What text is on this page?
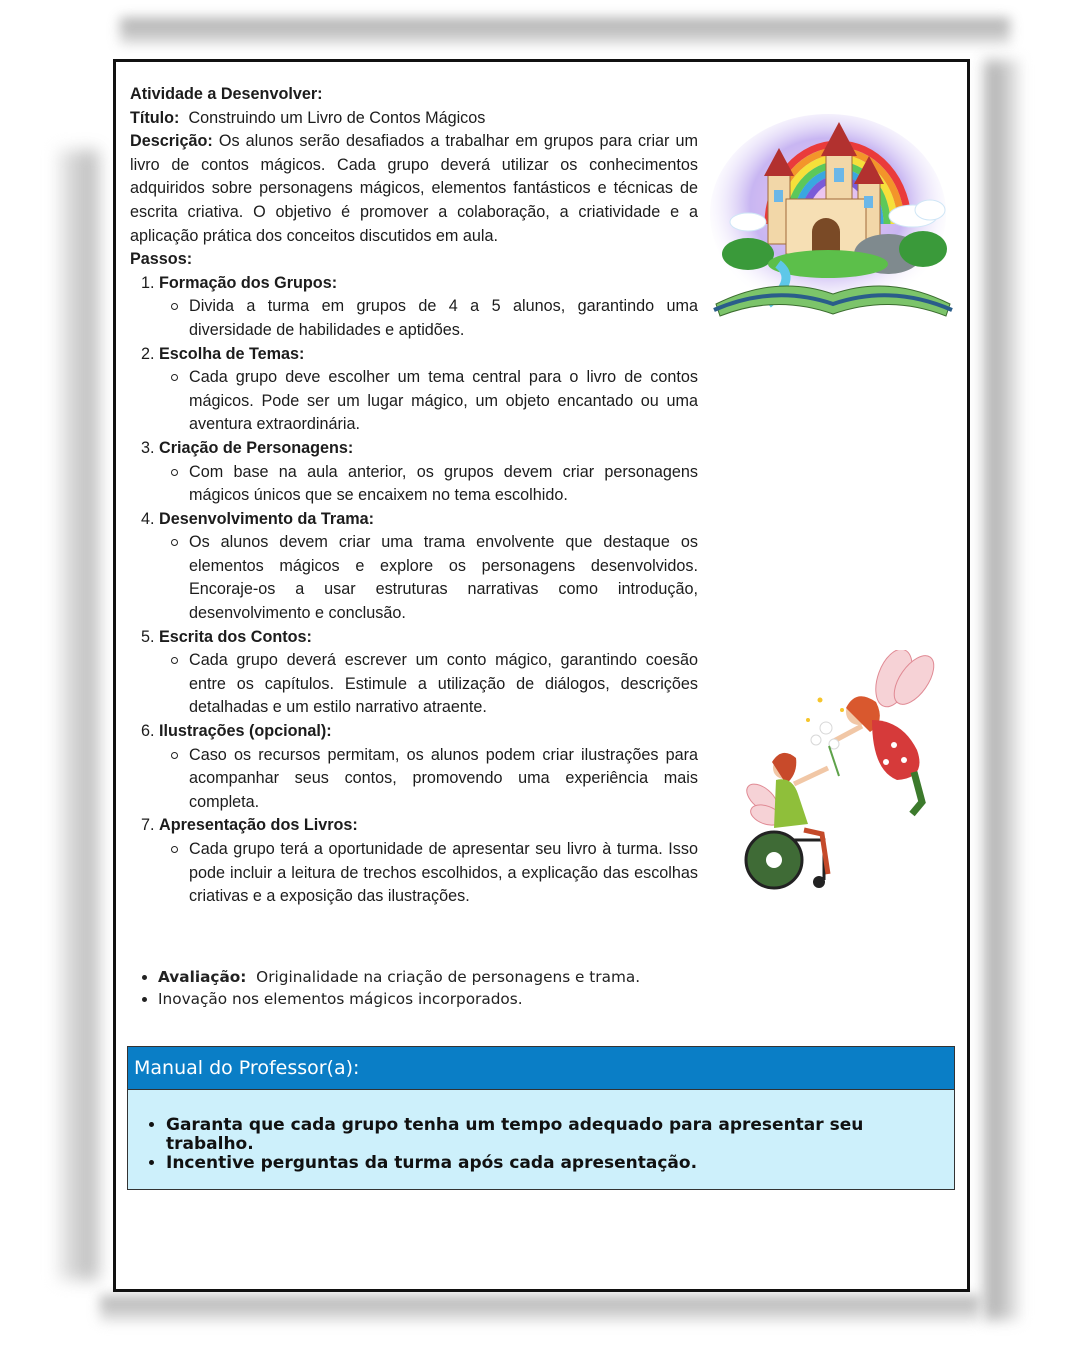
Atividade a Desenvolver:

Título: Construindo um Livro de Contos Mágicos

Descrição: Os alunos serão desafiados a trabalhar em grupos para criar um livro de contos mágicos. Cada grupo deverá utilizar os conhecimentos adquiridos sobre personagens mágicos, elementos fantásticos e técnicas de escrita criativa. O objetivo é promover a colaboração, a criatividade e a aplicação prática dos conceitos discutidos em aula.

Passos:

1. Formação dos Grupos:
Divida a turma em grupos de 4 a 5 alunos, garantindo uma diversidade de habilidades e aptidões.
2. Escolha de Temas:
Cada grupo deve escolher um tema central para o livro de contos mágicos. Pode ser um lugar mágico, um objeto encantado ou uma aventura extraordinária.
3. Criação de Personagens:
Com base na aula anterior, os grupos devem criar personagens mágicos únicos que se encaixem no tema escolhido.
4. Desenvolvimento da Trama:
Os alunos devem criar uma trama envolvente que destaque os elementos mágicos e explore os personagens desenvolvidos. Encoraje-os a usar estruturas narrativas como introdução, desenvolvimento e conclusão.
5. Escrita dos Contos:
Cada grupo deverá escrever um conto mágico, garantindo coesão entre os capítulos. Estimule a utilização de diálogos, descrições detalhadas e um estilo narrativo atraente.
6. Ilustrações (opcional):
Caso os recursos permitam, os alunos podem criar ilustrações para acompanhar seus contos, promovendo uma experiência mais completa.
7. Apresentação dos Livros:
Cada grupo terá a oportunidade de apresentar seu livro à turma. Isso pode incluir a leitura de trechos escolhidos, a explicação das escolhas criativas e a exposição das ilustrações.
• Avaliação: Originalidade na criação de personagens e trama.
• Inovação nos elementos mágicos incorporados.
Manual do Professor(a):
• Garanta que cada grupo tenha um tempo adequado para apresentar seu trabalho.
• Incentive perguntas da turma após cada apresentação.
